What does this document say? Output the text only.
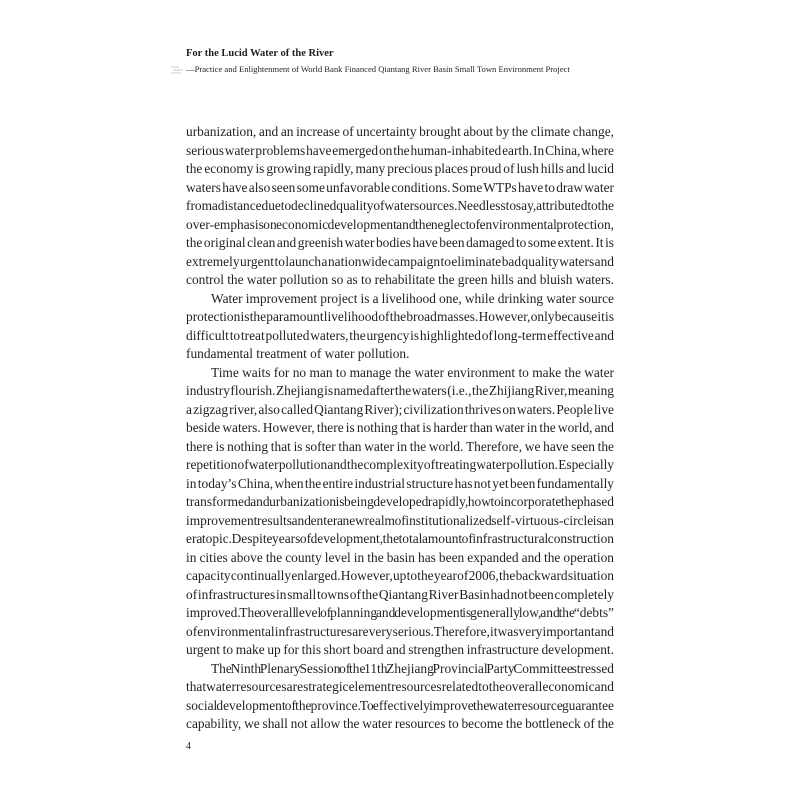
For the Lucid Water of the River
—Practice and Enlightenment of World Bank Financed Qiantang River Basin Small Town Environment Project
urbanization, and an increase of uncertainty brought about by the climate change,
serious water problems have emerged on the human-inhabited earth. In China, where
the economy is growing rapidly, many precious places proud of lush hills and lucid
waters have also seen some unfavorable conditions. Some WTPs have to draw water
from a distance due to declined quality of water sources. Needless to say, attributed to the
over-emphasis on economic development and the neglect of environmental protection,
the original clean and greenish water bodies have been damaged to some extent. It is
extremely urgent to launch a nationwide campaign to eliminate bad quality waters and
control the water pollution so as to rehabilitate the green hills and bluish waters.
Water improvement project is a livelihood one, while drinking water source
protection is the paramount livelihood of the broad masses. However, only because it is
difficult to treat polluted waters, the urgency is highlighted of long-term effective and
fundamental treatment of water pollution.
Time waits for no man to manage the water environment to make the water
industry flourish. Zhejiang is named after the waters (i.e., the Zhijiang River, meaning
a zigzag river, also called Qiantang River); civilization thrives on waters. People live
beside waters. However, there is nothing that is harder than water in the world, and
there is nothing that is softer than water in the world. Therefore, we have seen the
repetition of water pollution and the complexity of treating water pollution. Especially
in today’s China, when the entire industrial structure has not yet been fundamentally
transformed and urbanization is being developed rapidly, how to incorporate the phased
improvement results and enter a new realm of institutionalized self-virtuous-circle is an
era topic. Despite years of development, the total amount of infrastructural construction
in cities above the county level in the basin has been expanded and the operation
capacity continually enlarged. However, up to the year of 2006, the backward situation
of infrastructures in small towns of the Qiantang River Basin had not been completely
improved. The overall level of planning and development is generally low, and the “debts”
of environmental infrastructures are very serious. Therefore, it was very important and
urgent to make up for this short board and strengthen infrastructure development.
The Ninth Plenary Session of the 11th Zhejiang Provincial Party Committee stressed
that water resources are strategic element resources related to the overall economic and
social development of the province. To effectively improve the water resource guarantee
capability, we shall not allow the water resources to become the bottleneck of the
4
